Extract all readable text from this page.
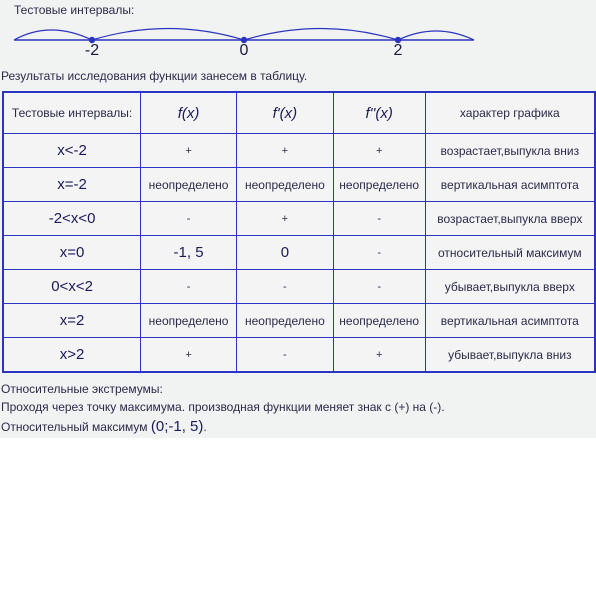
Тестовые интервалы:
-2	0	2
Результаты исследования функции занесем в таблицу.
Тестовые интервалы:	f(x)	f'(x)	f''(x)	характер графика
x<-2	+	+	+	возрастает,выпукла вниз
x=-2	неопределено	неопределено	неопределено	вертикальная асимптота
-2<x<0	-	+	-	возрастает,выпукла вверх
x=0	-1, 5	0	-	относительный максимум
0<x<2	-	-	-	убывает,выпукла вверх
x=2	неопределено	неопределено	неопределено	вертикальная асимптота
x>2	+	-	+	убывает,выпукла вниз
Относительные экстремумы:
Проходя через точку максимума. производная функции меняет знак с (+) на (-).
Относительный максимум (0;-1, 5).
